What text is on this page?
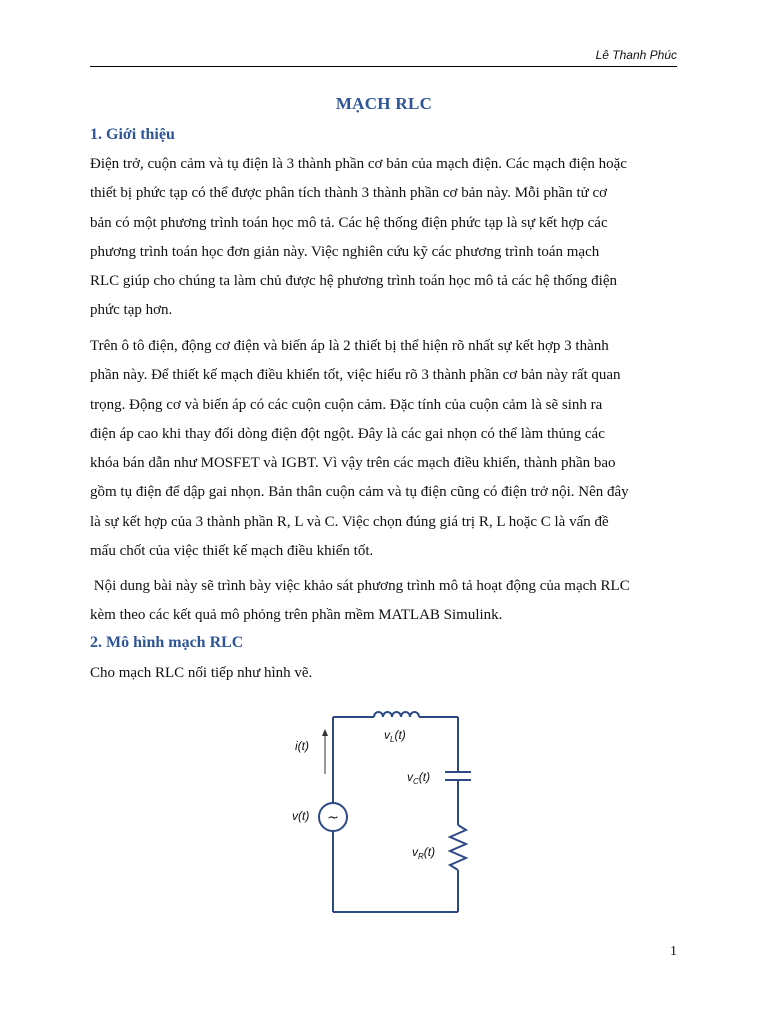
Lê Thanh Phúc
MẠCH RLC
1. Giới thiệu
Điện trở, cuộn cảm và tụ điện là 3 thành phần cơ bản của mạch điện. Các mạch điện hoặc
thiết bị phức tạp có thể được phân tích thành 3 thành phần cơ bản này. Mỗi phần tử cơ
bản có một phương trình toán học mô tả. Các hệ thống điện phức tạp là sự kết hợp các
phương trình toán học đơn giản này. Việc nghiên cứu kỹ các phương trình toán mạch
RLC giúp cho chúng ta làm chủ được hệ phương trình toán học mô tả các hệ thống điện
phức tạp hơn.
Trên ô tô điện, động cơ điện và biến áp là 2 thiết bị thể hiện rõ nhất sự kết hợp 3 thành
phần này. Để thiết kế mạch điều khiển tốt, việc hiểu rõ 3 thành phần cơ bản này rất quan
trọng. Động cơ và biến áp có các cuộn cuộn cảm. Đặc tính của cuộn cảm là sẽ sinh ra
điện áp cao khi thay đổi dòng điện đột ngột. Đây là các gai nhọn có thể làm thủng các
khóa bán dẫn như MOSFET và IGBT. Vì vậy trên các mạch điều khiển, thành phần bao
gồm tụ điện để dập gai nhọn. Bản thân cuộn cảm và tụ điện cũng có điện trở nội. Nên đây
là sự kết hợp của 3 thành phần R, L và C. Việc chọn đúng giá trị R, L hoặc C là vấn đề
mấu chốt của việc thiết kế mạch điều khiển tốt.
Nội dung bài này sẽ trình bày việc khảo sát phương trình mô tả hoạt động của mạch RLC
kèm theo các kết quả mô phỏng trên phần mềm MATLAB Simulink.
2. Mô hình mạch RLC
Cho mạch RLC nối tiếp như hình vẽ.
~
i(t)
v(t)
$v_L(t)$
$v_C(t)$
$v_R(t)$
1
